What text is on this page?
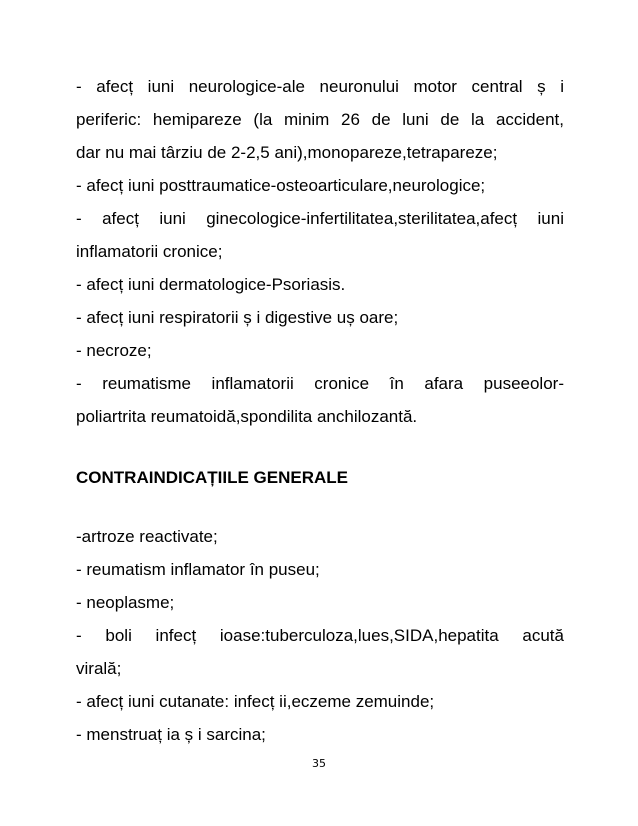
- afecț iuni neurologice-ale neuronului motor central ș i
periferic: hemipareze (la minim 26 de luni de la accident,
dar nu mai târziu de 2-2,5 ani),monopareze,tetrapareze;
- afecț iuni posttraumatice-osteoarticulare,neurologice;
- afecț iuni ginecologice-infertilitatea,sterilitatea,afecț iuni
inflamatorii cronice;
- afecț iuni dermatologice-Psoriasis.
- afecț iuni respiratorii ș i digestive uș oare;
- necroze;
- reumatisme inflamatorii cronice în afara puseeolor-
poliartrita reumatoidă,spondilita anchilozantă.
CONTRAINDICAȚIILE GENERALE
-artroze reactivate;
- reumatism inflamator în puseu;
- neoplasme;
- boli infecț ioase:tuberculoza,lues,SIDA,hepatita acută
virală;
- afecț iuni cutanate: infecț ii,eczeme zemuinde;
- menstruaț ia ș i sarcina;
35
